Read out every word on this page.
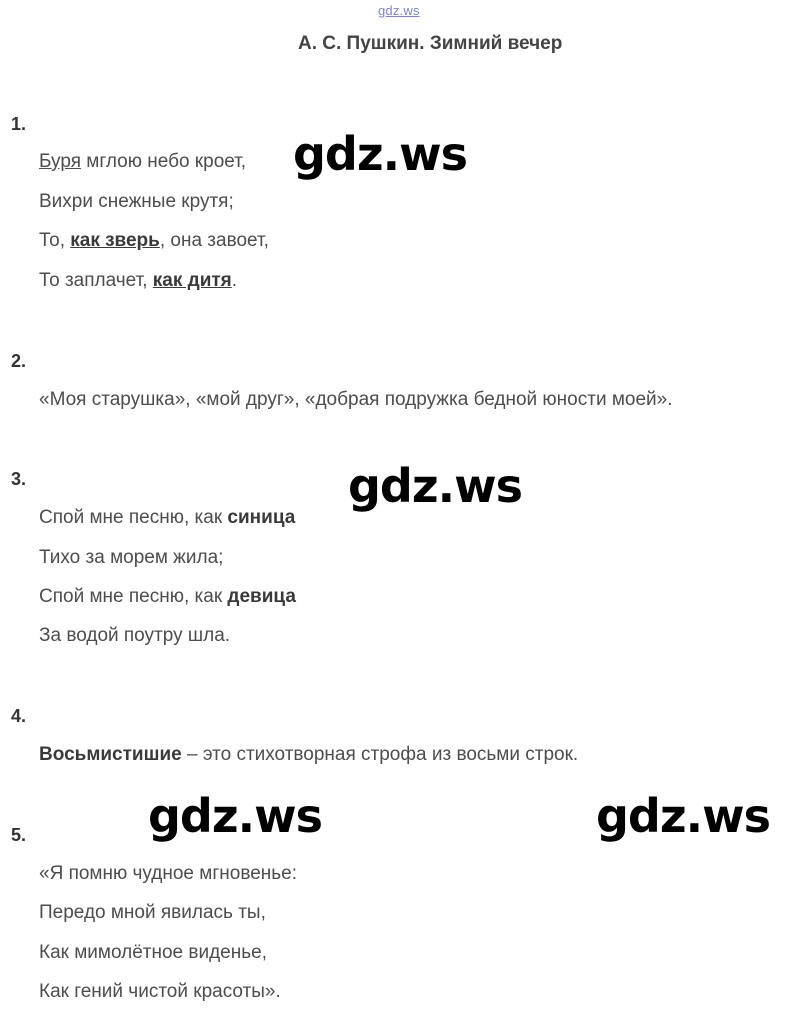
gdz.ws
А. С. Пушкин. Зимний вечер
1.
Буря мглою небо кроет,
Вихри снежные крутя;
То, как зверь, она завоет,
То заплачет, как дитя.
2.
«Моя старушка», «мой друг», «добрая подружка бедной юности моей».
3.
Спой мне песню, как синица
Тихо за морем жила;
Спой мне песню, как девица
За водой поутру шла.
4.
Восьмистишие – это стихотворная строфа из восьми строк.
5.
«Я помню чудное мгновенье:
Передо мной явилась ты,
Как мимолётное виденье,
Как гений чистой красоты».
gdz.ws
gdz.ws
gdz.ws	gdz.ws
